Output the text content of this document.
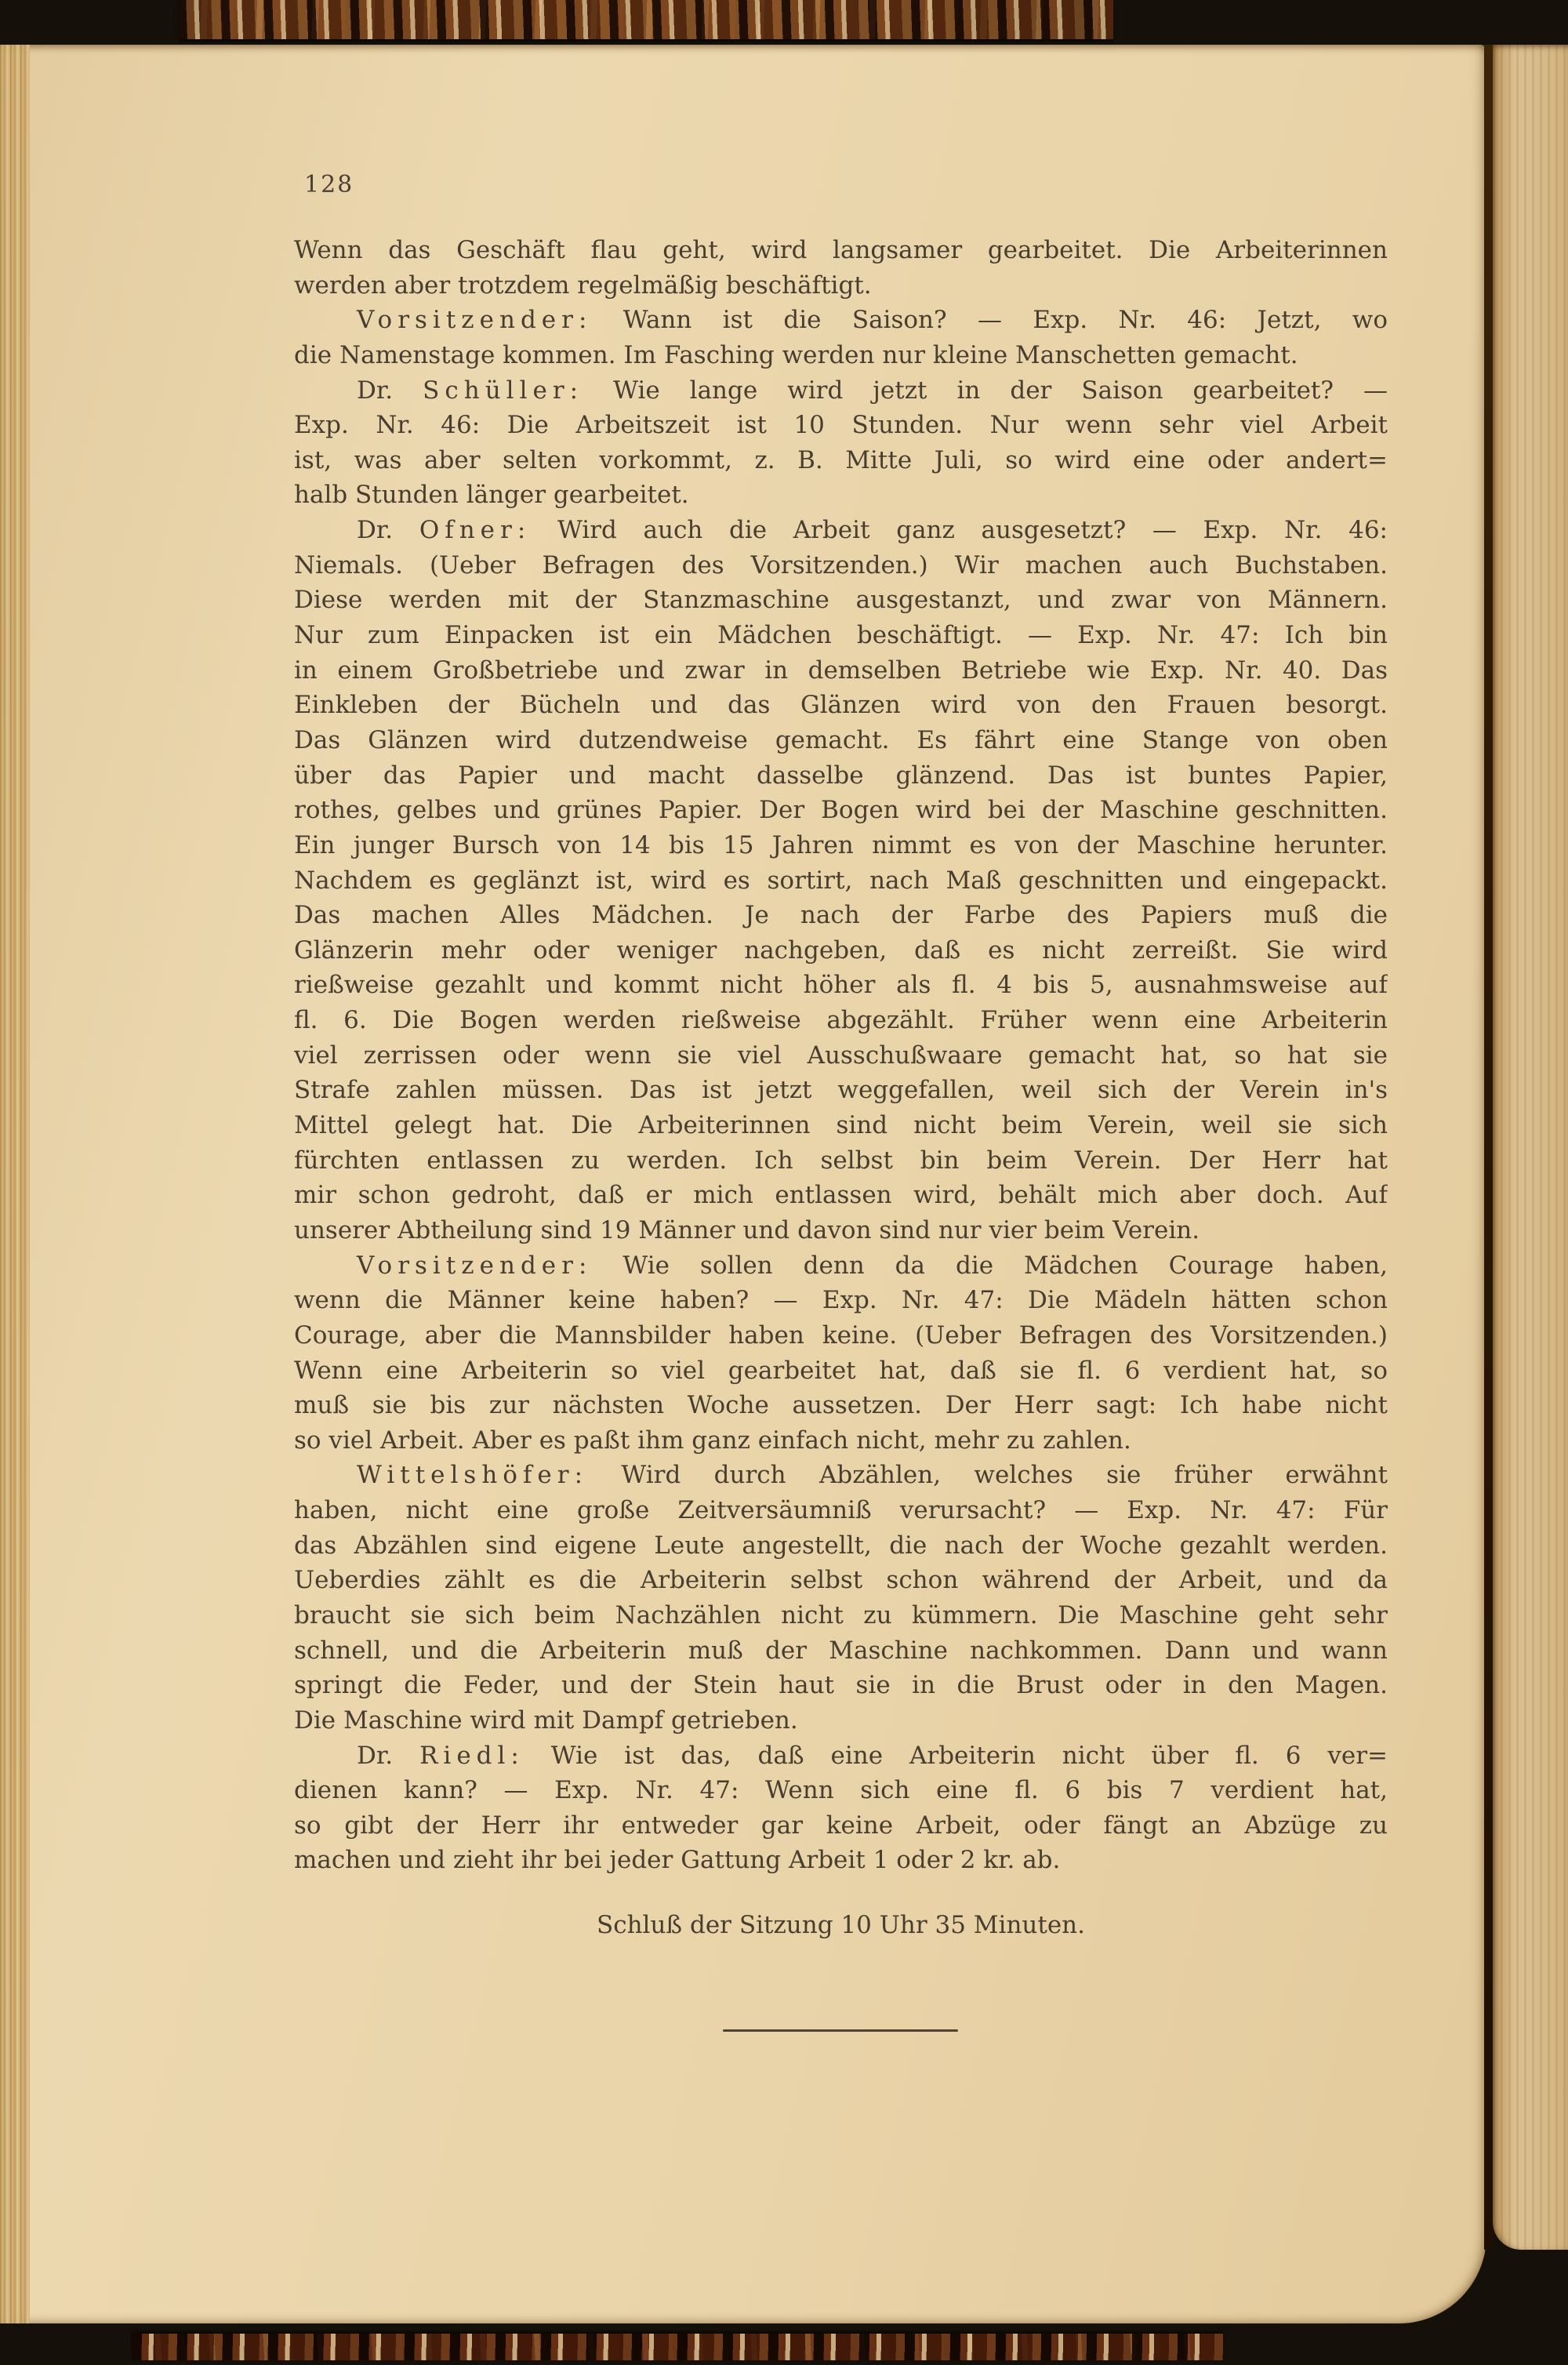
128
Wenn das Geschäft flau geht, wird langsamer gearbeitet. Die Arbeiterinnen
werden aber trotzdem regelmäßig beschäftigt.
Vorsitzender: Wann ist die Saison? — Exp. Nr. 46: Jetzt, wo
die Namenstage kommen. Im Fasching werden nur kleine Manschetten gemacht.
Dr. Schüller: Wie lange wird jetzt in der Saison gearbeitet? —
Exp. Nr. 46: Die Arbeitszeit ist 10 Stunden. Nur wenn sehr viel Arbeit
ist, was aber selten vorkommt, z. B. Mitte Juli, so wird eine oder andert=
halb Stunden länger gearbeitet.
Dr. Ofner: Wird auch die Arbeit ganz ausgesetzt? — Exp. Nr. 46:
Niemals. (Ueber Befragen des Vorsitzenden.) Wir machen auch Buchstaben.
Diese werden mit der Stanzmaschine ausgestanzt, und zwar von Männern.
Nur zum Einpacken ist ein Mädchen beschäftigt. — Exp. Nr. 47: Ich bin
in einem Großbetriebe und zwar in demselben Betriebe wie Exp. Nr. 40. Das
Einkleben der Bücheln und das Glänzen wird von den Frauen besorgt.
Das Glänzen wird dutzendweise gemacht. Es fährt eine Stange von oben
über das Papier und macht dasselbe glänzend. Das ist buntes Papier,
rothes, gelbes und grünes Papier. Der Bogen wird bei der Maschine geschnitten.
Ein junger Bursch von 14 bis 15 Jahren nimmt es von der Maschine herunter.
Nachdem es geglänzt ist, wird es sortirt, nach Maß geschnitten und eingepackt.
Das machen Alles Mädchen. Je nach der Farbe des Papiers muß die
Glänzerin mehr oder weniger nachgeben, daß es nicht zerreißt. Sie wird
rießweise gezahlt und kommt nicht höher als fl. 4 bis 5, ausnahmsweise auf
fl. 6. Die Bogen werden rießweise abgezählt. Früher wenn eine Arbeiterin
viel zerrissen oder wenn sie viel Ausschußwaare gemacht hat, so hat sie
Strafe zahlen müssen. Das ist jetzt weggefallen, weil sich der Verein in's
Mittel gelegt hat. Die Arbeiterinnen sind nicht beim Verein, weil sie sich
fürchten entlassen zu werden. Ich selbst bin beim Verein. Der Herr hat
mir schon gedroht, daß er mich entlassen wird, behält mich aber doch. Auf
unserer Abtheilung sind 19 Männer und davon sind nur vier beim Verein.
Vorsitzender: Wie sollen denn da die Mädchen Courage haben,
wenn die Männer keine haben? — Exp. Nr. 47: Die Mädeln hätten schon
Courage, aber die Mannsbilder haben keine. (Ueber Befragen des Vorsitzenden.)
Wenn eine Arbeiterin so viel gearbeitet hat, daß sie fl. 6 verdient hat, so
muß sie bis zur nächsten Woche aussetzen. Der Herr sagt: Ich habe nicht
so viel Arbeit. Aber es paßt ihm ganz einfach nicht, mehr zu zahlen.
Wittelshöfer: Wird durch Abzählen, welches sie früher erwähnt
haben, nicht eine große Zeitversäumniß verursacht? — Exp. Nr. 47: Für
das Abzählen sind eigene Leute angestellt, die nach der Woche gezahlt werden.
Ueberdies zählt es die Arbeiterin selbst schon während der Arbeit, und da
braucht sie sich beim Nachzählen nicht zu kümmern. Die Maschine geht sehr
schnell, und die Arbeiterin muß der Maschine nachkommen. Dann und wann
springt die Feder, und der Stein haut sie in die Brust oder in den Magen.
Die Maschine wird mit Dampf getrieben.
Dr. Riedl: Wie ist das, daß eine Arbeiterin nicht über fl. 6 ver=
dienen kann? — Exp. Nr. 47: Wenn sich eine fl. 6 bis 7 verdient hat,
so gibt der Herr ihr entweder gar keine Arbeit, oder fängt an Abzüge zu
machen und zieht ihr bei jeder Gattung Arbeit 1 oder 2 kr. ab.
Schluß der Sitzung 10 Uhr 35 Minuten.
